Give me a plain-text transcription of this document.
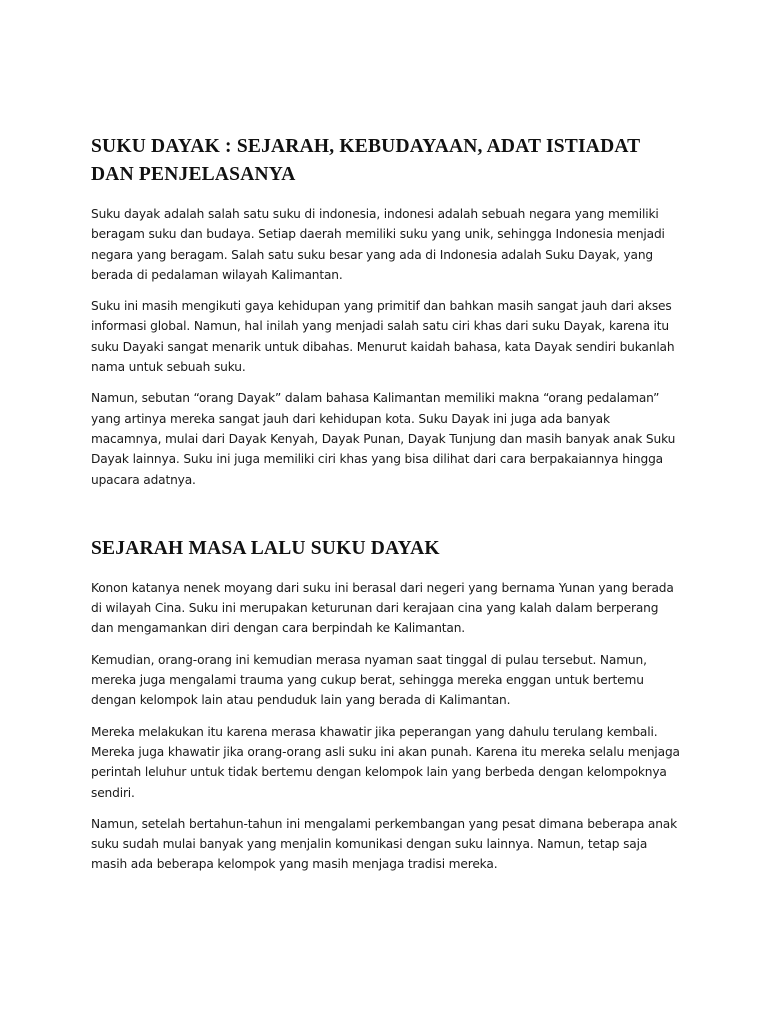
SUKU DAYAK : SEJARAH, KEBUDAYAAN, ADAT ISTIADAT DAN PENJELASANYA

Suku dayak adalah salah satu suku di indonesia, indonesi adalah sebuah negara yang memiliki beragam suku dan budaya. Setiap daerah memiliki suku yang unik, sehingga Indonesia menjadi negara yang beragam. Salah satu suku besar yang ada di Indonesia adalah Suku Dayak, yang berada di pedalaman wilayah Kalimantan.

Suku ini masih mengikuti gaya kehidupan yang primitif dan bahkan masih sangat jauh dari akses informasi global. Namun, hal inilah yang menjadi salah satu ciri khas dari suku Dayak, karena itu suku Dayaki sangat menarik untuk dibahas. Menurut kaidah bahasa, kata Dayak sendiri bukanlah nama untuk sebuah suku.

Namun, sebutan “orang Dayak” dalam bahasa Kalimantan memiliki makna “orang pedalaman” yang artinya mereka sangat jauh dari kehidupan kota. Suku Dayak ini juga ada banyak macamnya, mulai dari Dayak Kenyah, Dayak Punan, Dayak Tunjung dan masih banyak anak Suku Dayak lainnya. Suku ini juga memiliki ciri khas yang bisa dilihat dari cara berpakaiannya hingga upacara adatnya.

SEJARAH MASA LALU SUKU DAYAK

Konon katanya nenek moyang dari suku ini berasal dari negeri yang bernama Yunan yang berada di wilayah Cina. Suku ini merupakan keturunan dari kerajaan cina yang kalah dalam berperang dan mengamankan diri dengan cara berpindah ke Kalimantan.

Kemudian, orang-orang ini kemudian merasa nyaman saat tinggal di pulau tersebut. Namun, mereka juga mengalami trauma yang cukup berat, sehingga mereka enggan untuk bertemu dengan kelompok lain atau penduduk lain yang berada di Kalimantan.

Mereka melakukan itu karena merasa khawatir jika peperangan yang dahulu terulang kembali. Mereka juga khawatir jika orang-orang asli suku ini akan punah. Karena itu mereka selalu menjaga perintah leluhur untuk tidak bertemu dengan kelompok lain yang berbeda dengan kelompoknya sendiri.

Namun, setelah bertahun-tahun ini mengalami perkembangan yang pesat dimana beberapa anak suku sudah mulai banyak yang menjalin komunikasi dengan suku lainnya. Namun, tetap saja masih ada beberapa kelompok yang masih menjaga tradisi mereka.
